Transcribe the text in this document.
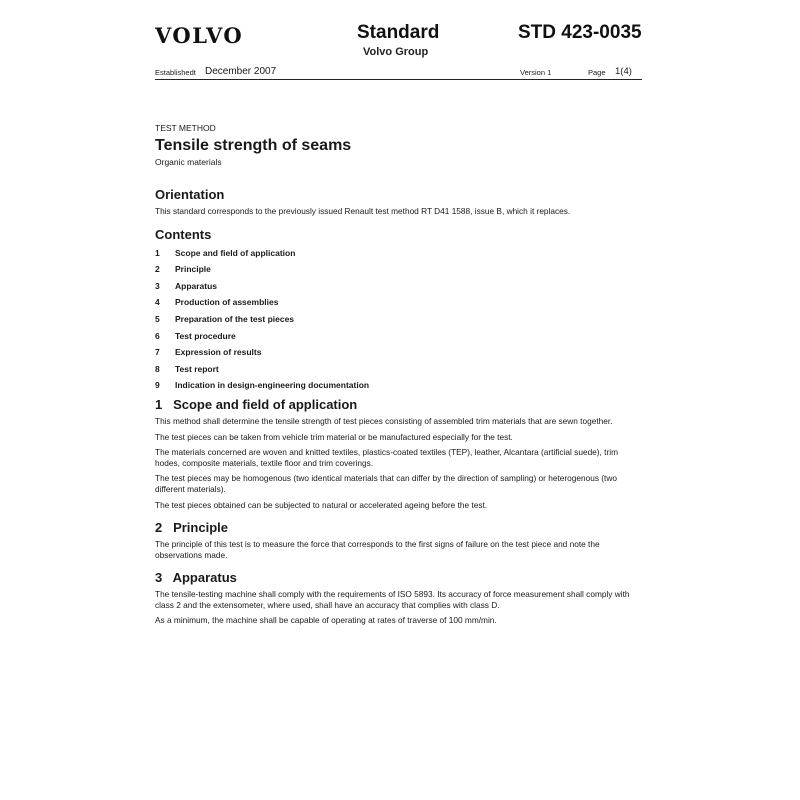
VOLVO	Standard
Volvo Group
STD 423-0035
Establishedt December 2007	Version 1	Page 1(4)

TEST METHOD

Tensile strength of seams

Organic materials

Orientation

This standard corresponds to the previously issued Renault test method RT D41 1588, issue B, which it replaces.

Contents
1	Scope and field of application
2	Principle
3	Apparatus
4	Production of assemblies
5	Preparation of the test pieces
6	Test procedure
7	Expression of results
8	Test report
9	Indication in design-engineering documentation
1   Scope and field of application

This method shall determine the tensile strength of test pieces consisting of assembled trim materials that are sewn together.

The test pieces can be taken from vehicle trim material or be manufactured especially for the test.

The materials concerned are woven and knitted textiles, plastics-coated textiles (TEP), leather, Alcantara (artificial suede), trim hodes, composite materials, textile floor and trim coverings.

The test pieces may be homogenous (two identical materials that can differ by the direction of sampling) or heterogenous (two different materials).

The test pieces obtained can be subjected to natural or accelerated ageing before the test.

2   Principle

The principle of this test is to measure the force that corresponds to the first signs of failure on the test piece and note the observations made.

3   Apparatus

The tensile-testing machine shall comply with the requirements of ISO 5893. Its accuracy of force measurement shall comply with class 2 and the extensometer, where used, shall have an accuracy that complies with class D.

As a minimum, the machine shall be capable of operating at rates of traverse of 100 mm/min.
